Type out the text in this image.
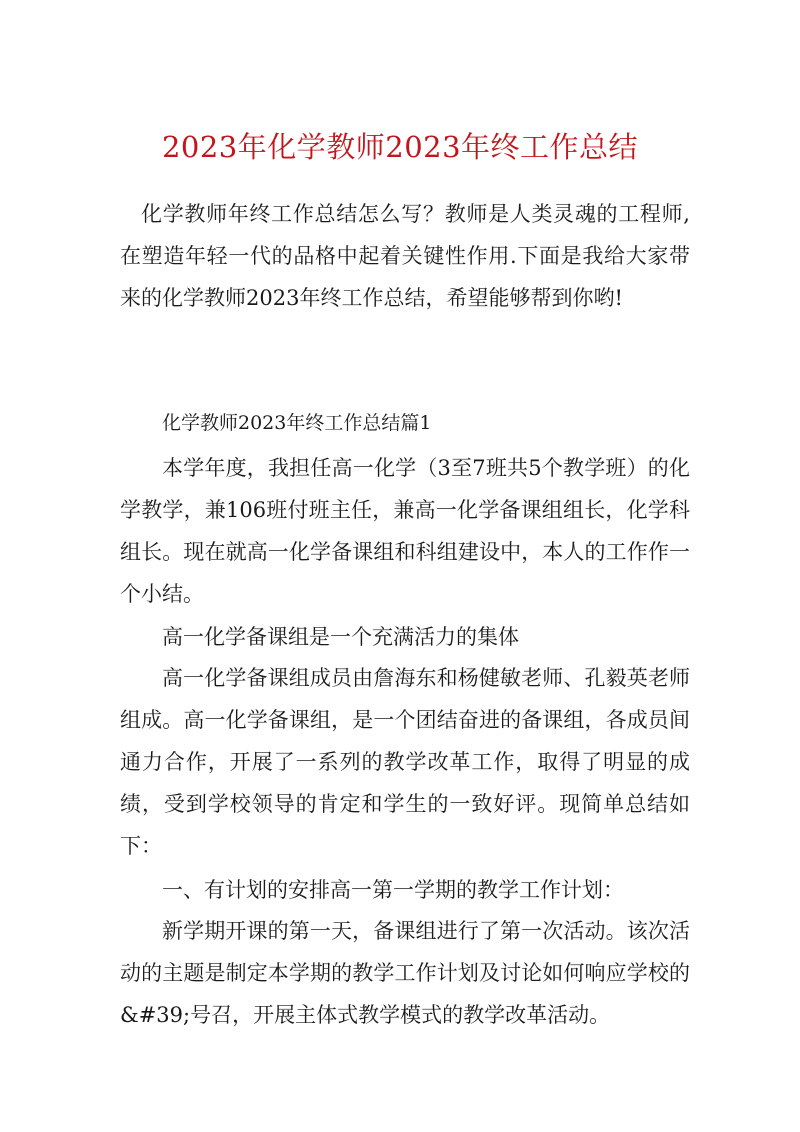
2023年化学教师2023年终工作总结

化学教师年终工作总结怎么写？教师是人类灵魂的工程师,在塑造年轻一代的品格中起着关键性作用.下面是我给大家带来的化学教师2023年终工作总结，希望能够帮到你哟!

化学教师2023年终工作总结篇1

本学年度，我担任高一化学（3至7班共5个教学班）的化学教学，兼106班付班主任，兼高一化学备课组组长，化学科组长。现在就高一化学备课组和科组建设中，本人的工作作一个小结。

高一化学备课组是一个充满活力的集体

高一化学备课组成员由詹海东和杨健敏老师、孔毅英老师组成。高一化学备课组，是一个团结奋进的备课组，各成员间通力合作，开展了一系列的教学改革工作，取得了明显的成绩，受到学校领导的肯定和学生的一致好评。现简单总结如下：

一、有计划的安排高一第一学期的教学工作计划：

新学期开课的第一天，备课组进行了第一次活动。该次活动的主题是制定本学期的教学工作计划及讨论如何响应学校的&#39;号召，开展主体式教学模式的教学改革活动。
